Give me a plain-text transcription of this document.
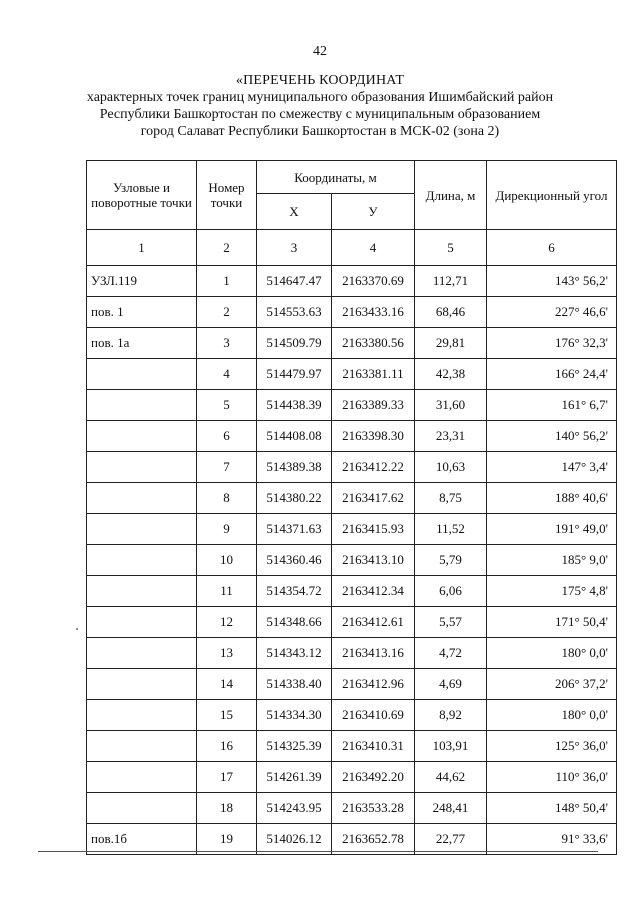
42
«ПЕРЕЧЕНЬ КООРДИНАТ
характерных точек границ муниципального образования Ишимбайский район
Республики Башкортостан по смежеству с муниципальным образованием
город Салават Республики Башкортостан в МСК-02 (зона 2)
Узловые и поворотные точки	Номер точки	Координаты, м		Длина, м	Дирекционный угол
		Х	У		
1	2	3	4	5	6
УЗЛ.119	1	514647.47	2163370.69	112,71	143° 56,2'
пов. 1	2	514553.63	2163433.16	68,46	227° 46,6'
пов. 1а	3	514509.79	2163380.56	29,81	176° 32,3'
	4	514479.97	2163381.11	42,38	166° 24,4'
	5	514438.39	2163389.33	31,60	161° 6,7'
	6	514408.08	2163398.30	23,31	140° 56,2'
	7	514389.38	2163412.22	10,63	147° 3,4'
	8	514380.22	2163417.62	8,75	188° 40,6'
	9	514371.63	2163415.93	11,52	191° 49,0'
	10	514360.46	2163413.10	5,79	185° 9,0'
	11	514354.72	2163412.34	6,06	175° 4,8'
	12	514348.66	2163412.61	5,57	171° 50,4'
	13	514343.12	2163413.16	4,72	180° 0,0'
	14	514338.40	2163412.96	4,69	206° 37,2'
	15	514334.30	2163410.69	8,92	180° 0,0'
	16	514325.39	2163410.31	103,91	125° 36,0'
	17	514261.39	2163492.20	44,62	110° 36,0'
	18	514243.95	2163533.28	248,41	148° 50,4'
пов.1б	19	514026.12	2163652.78	22,77	91° 33,6'
